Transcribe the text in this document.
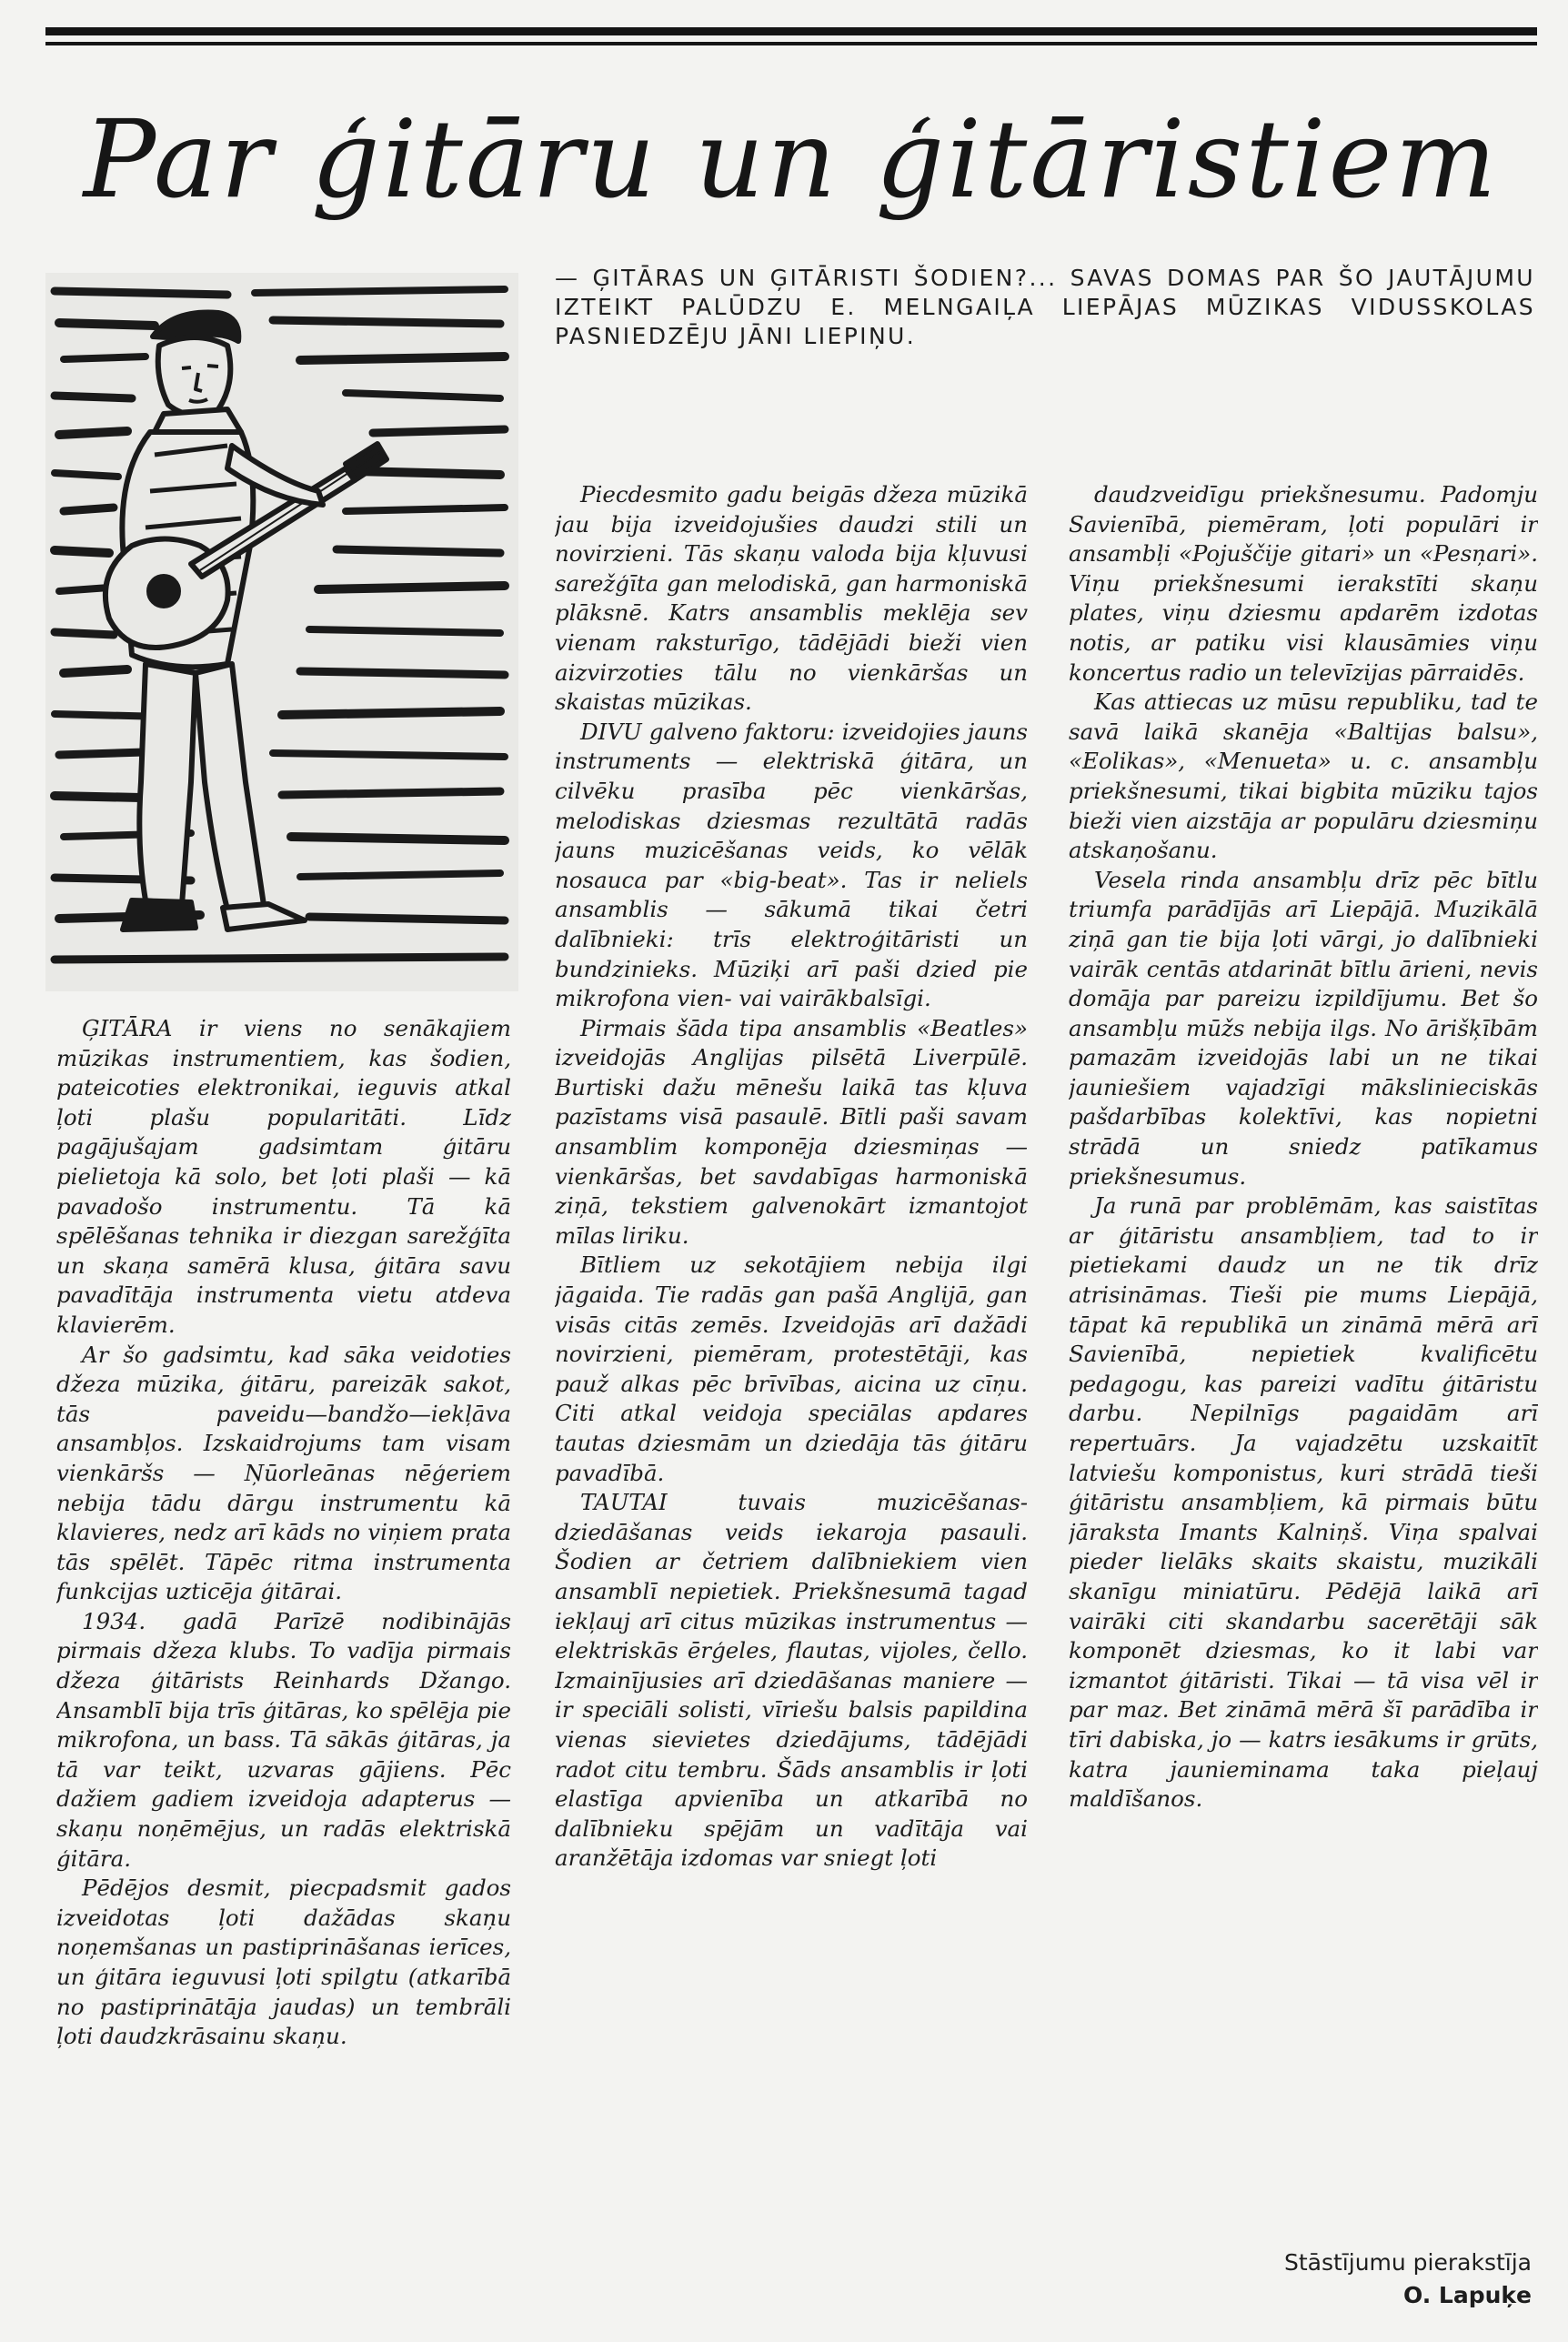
Par ģitāru un ģitāristiem

— ĢITĀRAS UN ĢITĀRISTI ŠODIEN?... SAVAS DOMAS PAR ŠO JAUTĀJUMU IZTEIKT PALŪDZU E. MELNGAIĻA LIEPĀJAS MŪZIKAS VIDUSSKOLAS PASNIEDZĒJU JĀNI LIEPIŅU.

ĢITĀRA ir viens no senākajiem mūzikas instrumentiem, kas šodien, pateicoties elektronikai, ieguvis atkal ļoti plašu popularitāti. Līdz pagājušajam gadsimtam ģitāru pielietoja kā solo, bet ļoti plaši — kā pavadošo instrumentu. Tā kā spēlēšanas tehnika ir diezgan sarežģīta un skaņa samērā klusa, ģitāra savu pavadītāja instrumenta vietu atdeva klavierēm.

Ar šo gadsimtu, kad sāka veidoties džeza mūzika, ģitāru, pareizāk sakot, tās paveidu—bandžo—iekļāva ansambļos. Izskaidrojums tam visam vienkāršs — Ņūorleānas nēģeriem nebija tādu dārgu instrumentu kā klavieres, nedz arī kāds no viņiem prata tās spēlēt. Tāpēc ritma instrumenta funkcijas uzticēja ģitārai.

1934. gadā Parīzē nodibinājās pirmais džeza klubs. To vadīja pirmais džeza ģitārists Reinhards Džango. Ansamblī bija trīs ģitāras, ko spēlēja pie mikrofona, un bass. Tā sākās ģitāras, ja tā var teikt, uzvaras gājiens. Pēc dažiem gadiem izveidoja adapterus — skaņu noņēmējus, un radās elektriskā ģitāra.

Pēdējos desmit, piecpadsmit gados izveidotas ļoti dažādas skaņu noņemšanas un pastiprināšanas ierīces, un ģitāra ieguvusi ļoti spilgtu (atkarībā no pastiprinātāja jaudas) un tembrāli ļoti daudzkrāsainu skaņu.

Piecdesmito gadu beigās džeza mūzikā jau bija izveidojušies daudzi stili un novirzieni. Tās skaņu valoda bija kļuvusi sarežģīta gan melodiskā, gan harmoniskā plāksnē. Katrs ansamblis meklēja sev vienam raksturīgo, tādējādi bieži vien aizvirzoties tālu no vienkāršas un skaistas mūzikas.

DIVU galveno faktoru: izveidojies jauns instruments — elektriskā ģitāra, un cilvēku prasība pēc vienkāršas, melodiskas dziesmas rezultātā radās jauns muzicēšanas veids, ko vēlāk nosauca par «big-beat». Tas ir neliels ansamblis — sākumā tikai četri dalībnieki: trīs elektroģitāristi un bundzinieks. Mūziķi arī paši dzied pie mikrofona vien- vai vairākbalsīgi.

Pirmais šāda tipa ansamblis «Beatles» izveidojās Anglijas pilsētā Liverpūlē. Burtiski dažu mēnešu laikā tas kļuva pazīstams visā pasaulē. Bītli paši savam ansamblim komponēja dziesmiņas — vienkāršas, bet savdabīgas harmoniskā ziņā, tekstiem galvenokārt izmantojot mīlas liriku.

Bītliem uz sekotājiem nebija ilgi jāgaida. Tie radās gan pašā Anglijā, gan visās citās zemēs. Izveidojās arī dažādi novirzieni, piemēram, protestētāji, kas pauž alkas pēc brīvības, aicina uz cīņu. Citi atkal veidoja speciālas apdares tautas dziesmām un dziedāja tās ģitāru pavadībā.

TAUTAI tuvais muzicēšanas-dziedāšanas veids iekaroja pasauli. Šodien ar četriem dalībniekiem vien ansamblī nepietiek. Priekšnesumā tagad iekļauj arī citus mūzikas instrumentus — elektriskās ērģeles, flautas, vijoles, čello. Izmainījusies arī dziedāšanas maniere — ir speciāli solisti, vīriešu balsis papildina vienas sievietes dziedājums, tādējādi radot citu tembru. Šāds ansamblis ir ļoti elastīga apvienība un atkarībā no dalībnieku spējām un vadītāja vai aranžētāja izdomas var sniegt ļoti

daudzveidīgu priekšnesumu. Padomju Savienībā, piemēram, ļoti populāri ir ansambļi «Pojuščije gitari» un «Pesņari». Viņu priekšnesumi ierakstīti skaņu plates, viņu dziesmu apdarēm izdotas notis, ar patiku visi klausāmies viņu koncertus radio un televīzijas pārraidēs.

Kas attiecas uz mūsu republiku, tad te savā laikā skanēja «Baltijas balsu», «Eolikas», «Menueta» u. c. ansambļu priekšnesumi, tikai bigbita mūziku tajos bieži vien aizstāja ar populāru dziesmiņu atskaņošanu.

Vesela rinda ansambļu drīz pēc bītlu triumfa parādījās arī Liepājā. Muzikālā ziņā gan tie bija ļoti vārgi, jo dalībnieki vairāk centās atdarināt bītlu ārieni, nevis domāja par pareizu izpildījumu. Bet šo ansambļu mūžs nebija ilgs. No ārišķībām pamazām izveidojās labi un ne tikai jauniešiem vajadzīgi mākslinieciskās pašdarbības kolektīvi, kas nopietni strādā un sniedz patīkamus priekšnesumus.

Ja runā par problēmām, kas saistītas ar ģitāristu ansambļiem, tad to ir pietiekami daudz un ne tik drīz atrisināmas. Tieši pie mums Liepājā, tāpat kā republikā un zināmā mērā arī Savienībā, nepietiek kvalificētu pedagogu, kas pareizi vadītu ģitāristu darbu. Nepilnīgs pagaidām arī repertuārs. Ja vajadzētu uzskaitīt latviešu komponistus, kuri strādā tieši ģitāristu ansambļiem, kā pirmais būtu jāraksta Imants Kalniņš. Viņa spalvai pieder lielāks skaits skaistu, muzikāli skanīgu miniatūru. Pēdējā laikā arī vairāki citi skandarbu sacerētāji sāk komponēt dziesmas, ko it labi var izmantot ģitāristi. Tikai — tā visa vēl ir par maz. Bet zināmā mērā šī parādība ir tīri dabiska, jo — katrs iesākums ir grūts, katra jaunieminama taka pieļauj maldīšanos.

Stāstījumu pierakstīja
O. Lapuķe
